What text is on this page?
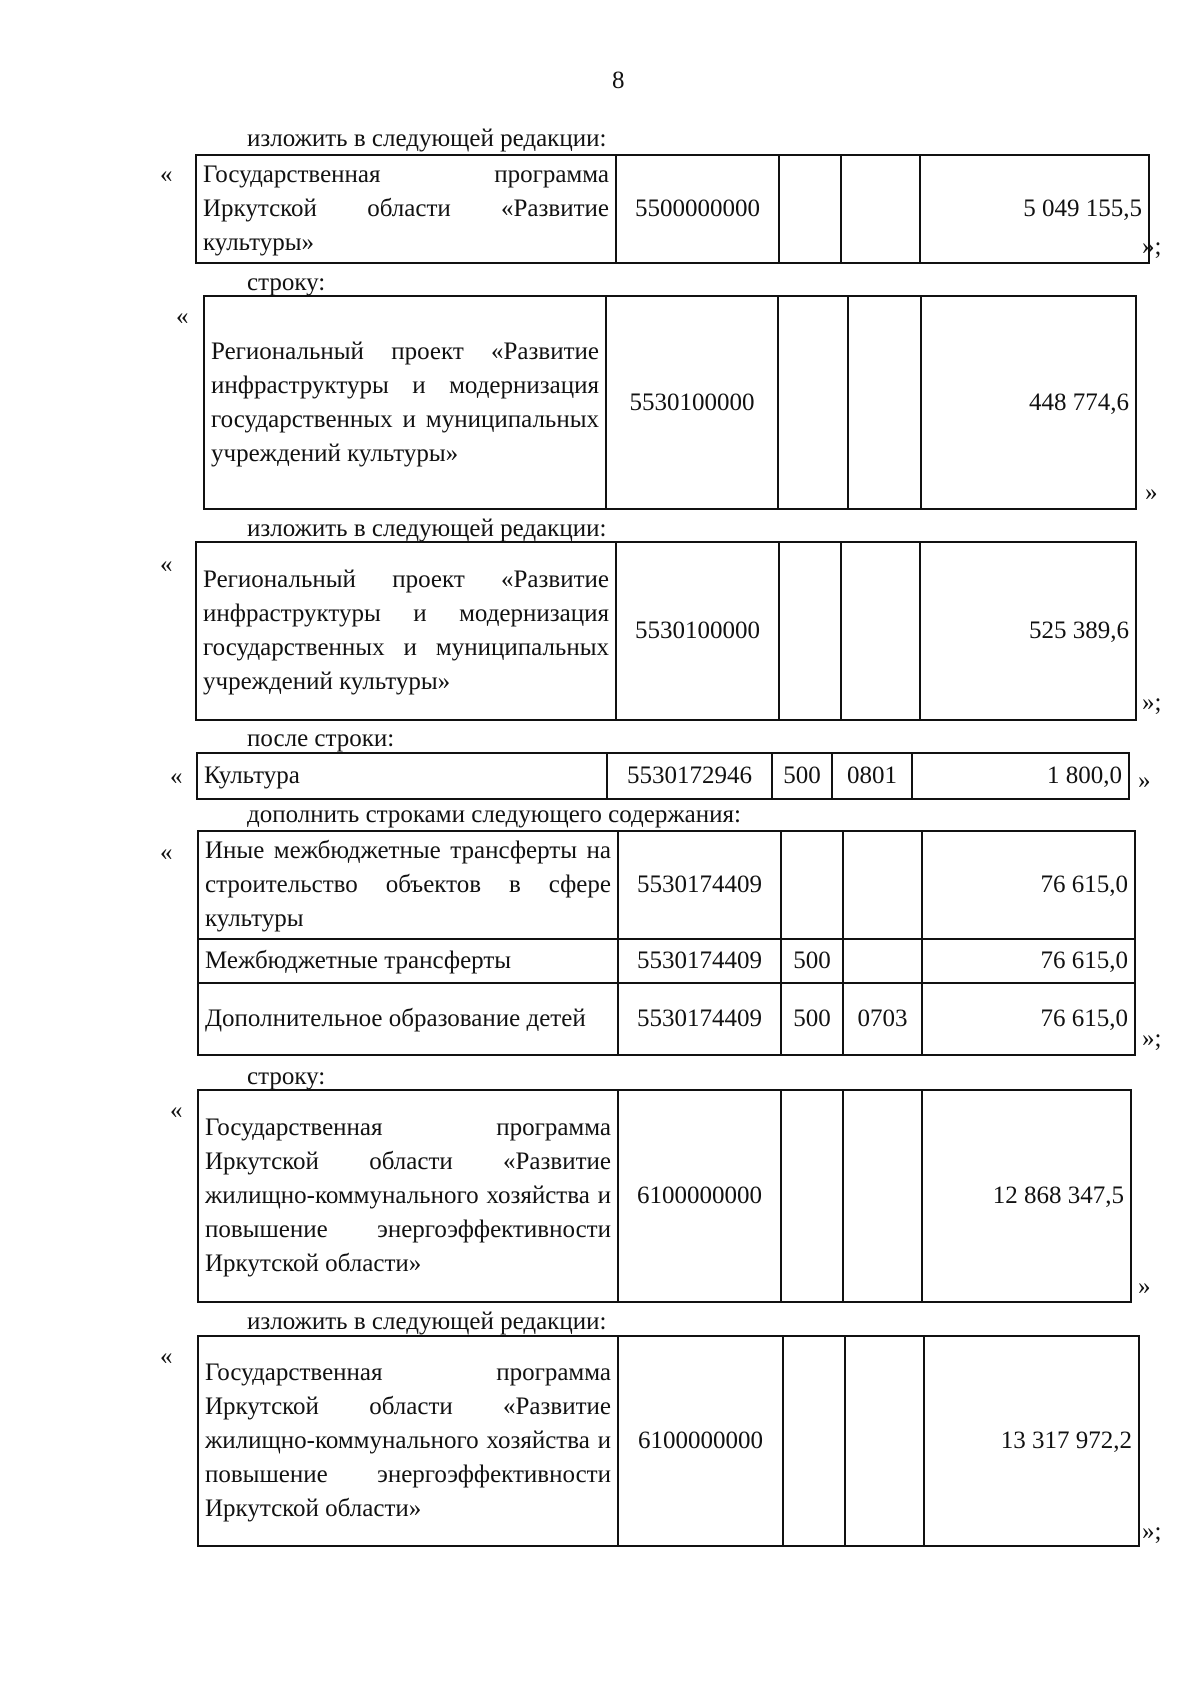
8
изложить в следующей редакции:
« Государственная программа Иркутской области «Развитие культуры»	5500000000			5 049 155,5
»;
строку:
«
Региональный проект «Развитие инфраструктуры и модернизация государственных и муниципальных учреждений культуры»	5530100000			448 774,6
»
изложить в следующей редакции:
«
Региональный проект «Развитие инфраструктуры и модернизация государственных и муниципальных учреждений культуры»	5530100000			525 389,6
»;
после строки:
« Культура	5530172946	500	0801	1 800,0 »
дополнить строками следующего содержания:
« Иные межбюджетные трансферты на строительство объектов в сфере культуры	5530174409			76 615,0
Межбюджетные трансферты	5530174409	500		76 615,0
Дополнительное образование детей	5530174409	500	0703	76 615,0
»;
строку:
«
Государственная программа Иркутской области «Развитие жилищно-коммунального хозяйства и повышение энергоэффективности Иркутской области»	6100000000			12 868 347,5
»
изложить в следующей редакции:
«
Государственная программа Иркутской области «Развитие жилищно-коммунального хозяйства и повышение энергоэффективности Иркутской области»	6100000000			13 317 972,2
»;
